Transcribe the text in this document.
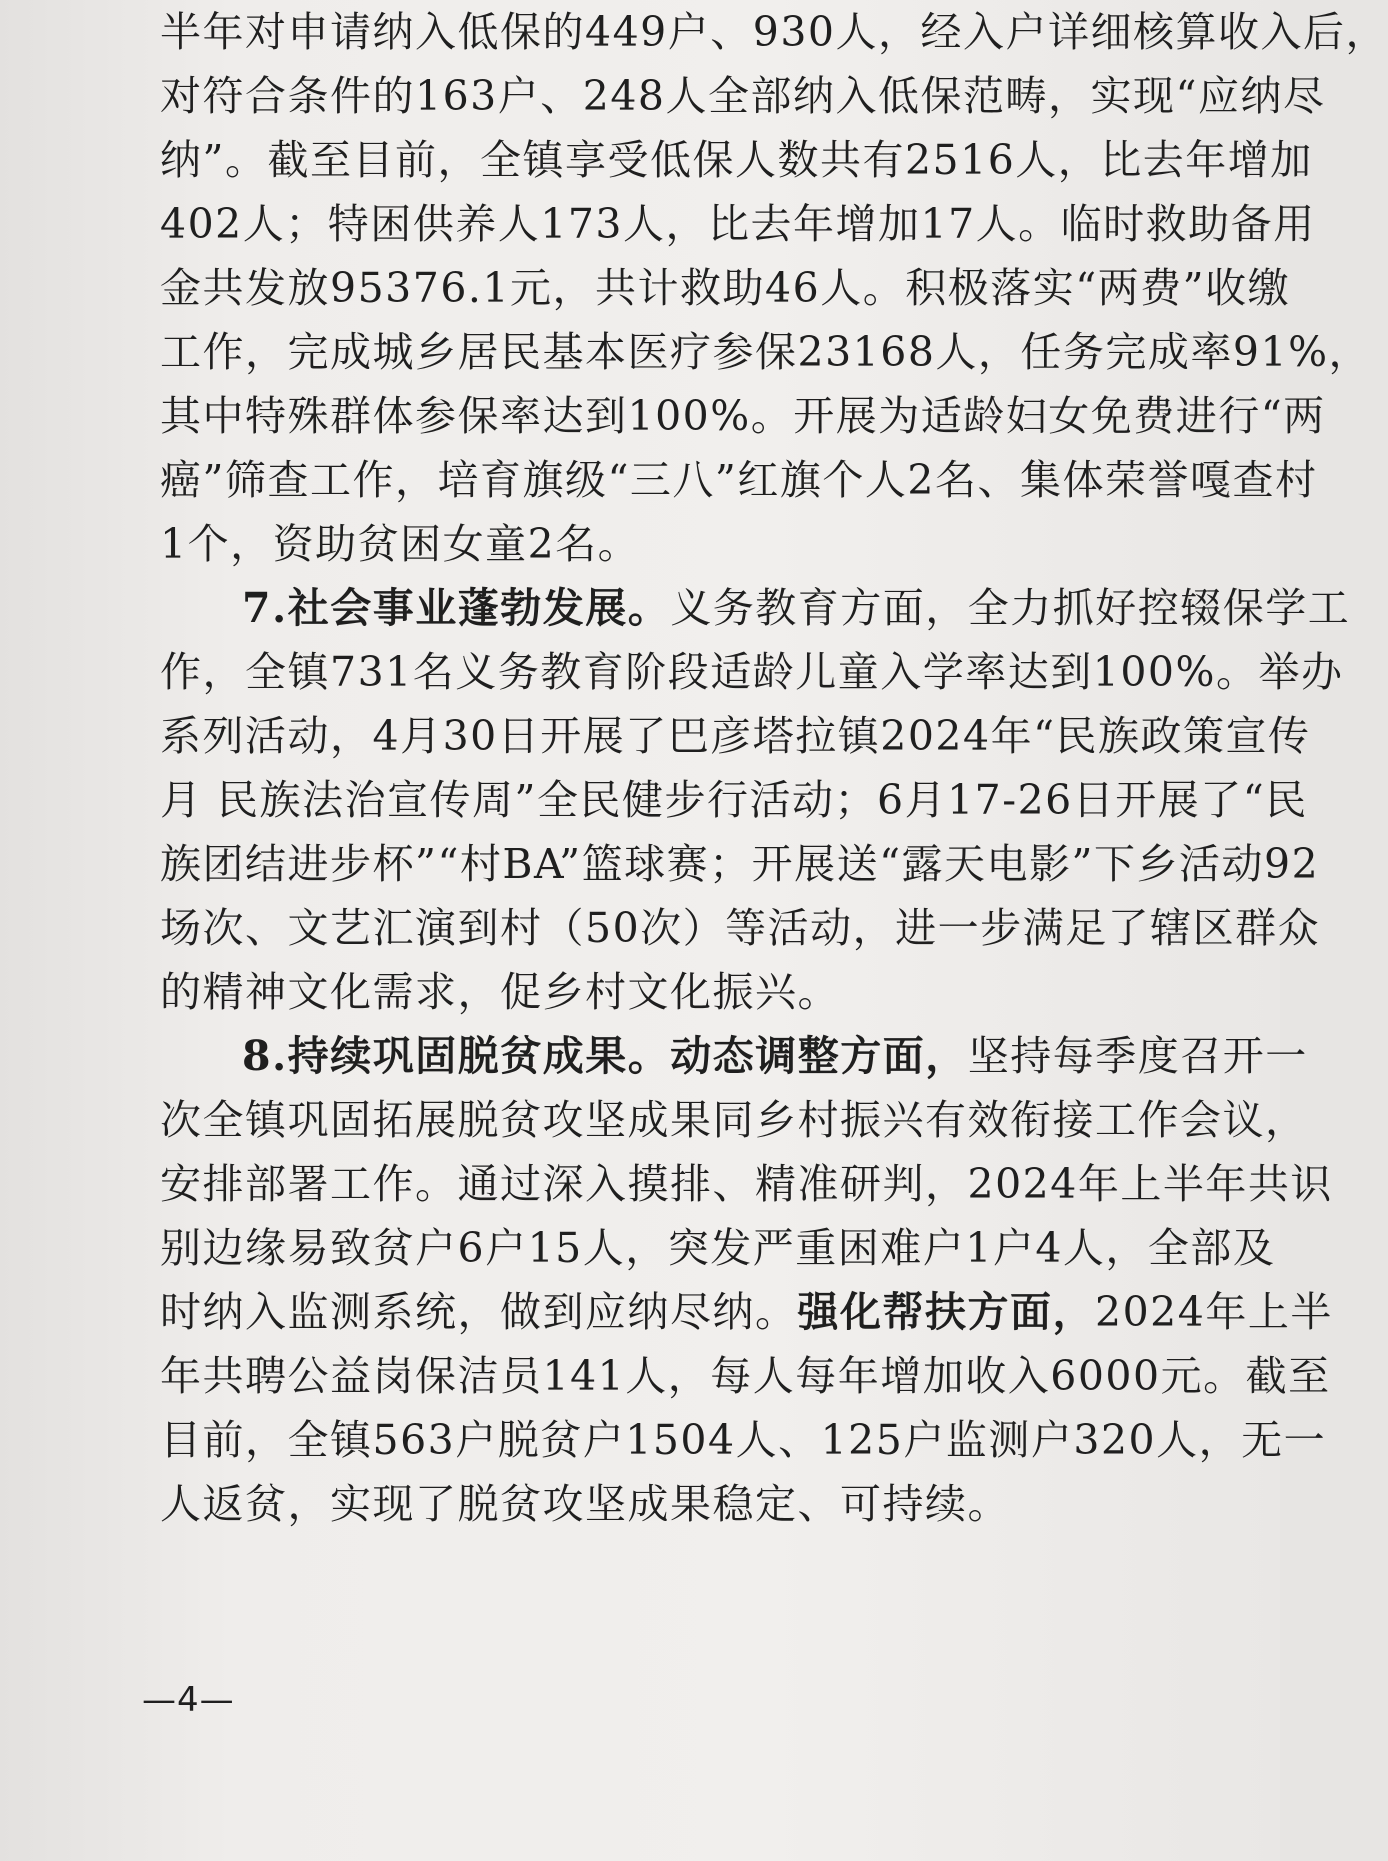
半年对申请纳入低保的449户、930人，经入户详细核算收入后，
对符合条件的163户、248人全部纳入低保范畴，实现“应纳尽
纳”。截至目前，全镇享受低保人数共有2516人，比去年增加
402人；特困供养人173人，比去年增加17人。临时救助备用
金共发放95376.1元，共计救助46人。积极落实“两费”收缴
工作，完成城乡居民基本医疗参保23168人，任务完成率91%，
其中特殊群体参保率达到100%。开展为适龄妇女免费进行“两
癌”筛查工作，培育旗级“三八”红旗个人2名、集体荣誉嘎查村
1个，资助贫困女童2名。
7.社会事业蓬勃发展。义务教育方面，全力抓好控辍保学工
作，全镇731名义务教育阶段适龄儿童入学率达到100%。举办
系列活动，4月30日开展了巴彦塔拉镇2024年“民族政策宣传
月 民族法治宣传周”全民健步行活动；6月17-26日开展了“民
族团结进步杯”“村BA”篮球赛；开展送“露天电影”下乡活动92
场次、文艺汇演到村（50次）等活动，进一步满足了辖区群众
的精神文化需求，促乡村文化振兴。
8.持续巩固脱贫成果。动态调整方面，坚持每季度召开一
次全镇巩固拓展脱贫攻坚成果同乡村振兴有效衔接工作会议，
安排部署工作。通过深入摸排、精准研判，2024年上半年共识
别边缘易致贫户6户15人，突发严重困难户1户4人，全部及
时纳入监测系统，做到应纳尽纳。强化帮扶方面，2024年上半
年共聘公益岗保洁员141人，每人每年增加收入6000元。截至
目前，全镇563户脱贫户1504人、125户监测户320人，无一
人返贫，实现了脱贫攻坚成果稳定、可持续。
—4—
